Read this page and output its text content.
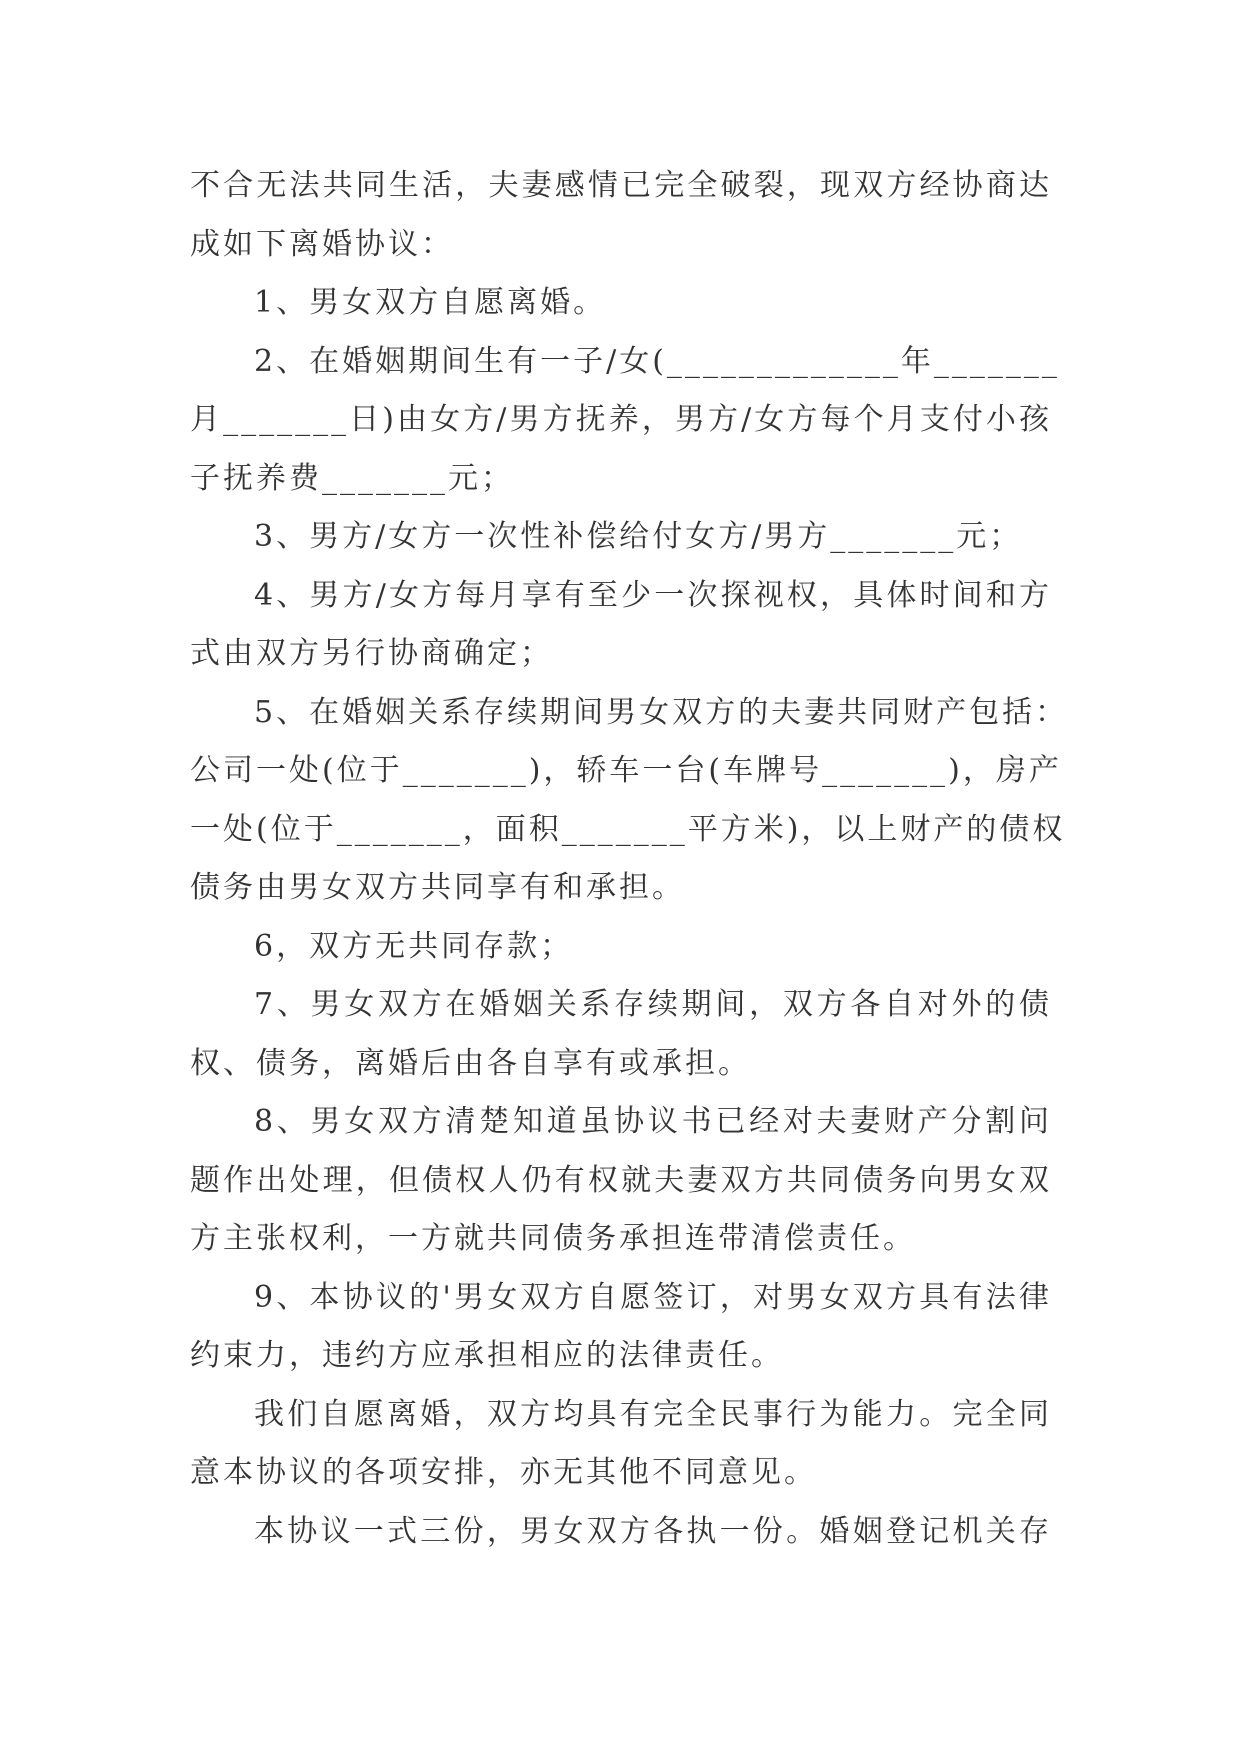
不合无法共同生活，夫妻感情已完全破裂，现双方经协商达
成如下离婚协议：
1、男女双方自愿离婚。
2、在婚姻期间生有一子/女(_____________年_______
月_______日)由女方/男方抚养，男方/女方每个月支付小孩
子抚养费_______元；
3、男方/女方一次性补偿给付女方/男方_______元；
4、男方/女方每月享有至少一次探视权，具体时间和方
式由双方另行协商确定；
5、在婚姻关系存续期间男女双方的夫妻共同财产包括：
公司一处(位于_______)，轿车一台(车牌号_______)，房产
一处(位于_______，面积_______平方米)，以上财产的债权
债务由男女双方共同享有和承担。
6，双方无共同存款；
7、男女双方在婚姻关系存续期间，双方各自对外的债
权、债务，离婚后由各自享有或承担。
8、男女双方清楚知道虽协议书已经对夫妻财产分割问
题作出处理，但债权人仍有权就夫妻双方共同债务向男女双
方主张权利，一方就共同债务承担连带清偿责任。
9、本协议的'男女双方自愿签订，对男女双方具有法律
约束力，违约方应承担相应的法律责任。
我们自愿离婚，双方均具有完全民事行为能力。完全同
意本协议的各项安排，亦无其他不同意见。
本协议一式三份，男女双方各执一份。婚姻登记机关存
